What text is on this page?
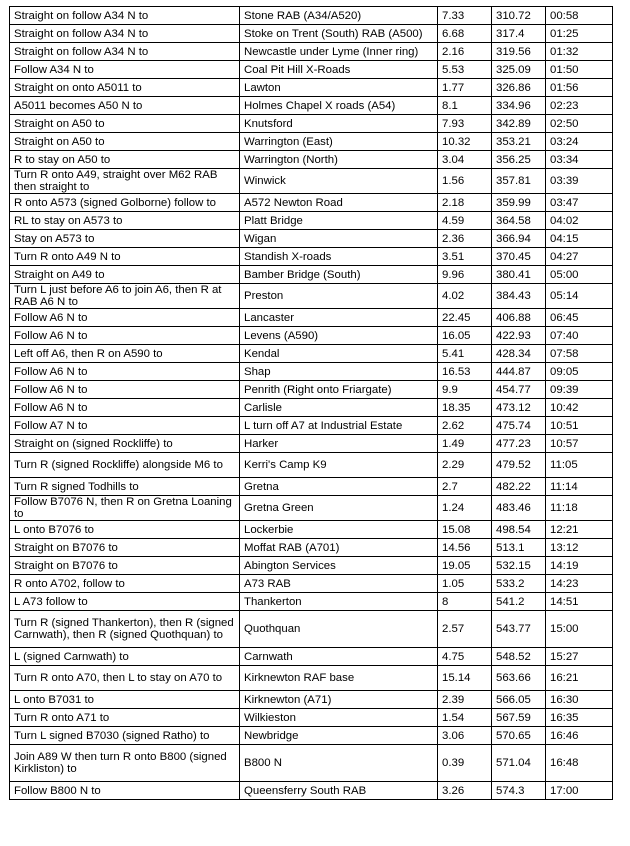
Straight on follow A34 N to	Stone RAB (A34/A520)	7.33	310.72	00:58
Straight on follow A34 N to	Stoke on Trent (South) RAB (A500)	6.68	317.4	01:25
Straight on follow A34 N to	Newcastle under Lyme (Inner ring)	2.16	319.56	01:32
Follow A34 N to	Coal Pit Hill X-Roads	5.53	325.09	01:50
Straight on onto A5011 to	Lawton	1.77	326.86	01:56
A5011 becomes A50 N to	Holmes Chapel X roads (A54)	8.1	334.96	02:23
Straight on A50 to	Knutsford	7.93	342.89	02:50
Straight on A50 to	Warrington (East)	10.32	353.21	03:24
R to stay on A50 to	Warrington (North)	3.04	356.25	03:34
Turn R onto A49, straight over M62 RAB then straight to	Winwick	1.56	357.81	03:39
R onto A573 (signed Golborne) follow to	A572 Newton Road	2.18	359.99	03:47
RL to stay on A573 to	Platt Bridge	4.59	364.58	04:02
Stay on A573 to	Wigan	2.36	366.94	04:15
Turn R onto A49 N to	Standish X-roads	3.51	370.45	04:27
Straight on A49 to	Bamber Bridge (South)	9.96	380.41	05:00
Turn L just before A6 to join A6, then R at RAB A6 N to	Preston	4.02	384.43	05:14
Follow A6 N to	Lancaster	22.45	406.88	06:45
Follow A6 N to	Levens (A590)	16.05	422.93	07:40
Left off A6, then R on A590 to	Kendal	5.41	428.34	07:58
Follow A6 N to	Shap	16.53	444.87	09:05
Follow A6 N to	Penrith (Right onto Friargate)	9.9	454.77	09:39
Follow A6 N to	Carlisle	18.35	473.12	10:42
Follow A7 N to	L turn off A7 at Industrial Estate	2.62	475.74	10:51
Straight on (signed Rockliffe) to	Harker	1.49	477.23	10:57
Turn R (signed Rockliffe) alongside M6 to	Kerri's Camp K9	2.29	479.52	11:05
Turn R signed Todhills to	Gretna	2.7	482.22	11:14
Follow B7076 N, then R on Gretna Loaning to	Gretna Green	1.24	483.46	11:18
L onto B7076 to	Lockerbie	15.08	498.54	12:21
Straight on B7076 to	Moffat RAB (A701)	14.56	513.1	13:12
Straight on B7076 to	Abington Services	19.05	532.15	14:19
R onto A702, follow to	A73 RAB	1.05	533.2	14:23
L A73 follow to	Thankerton	8	541.2	14:51
Turn R (signed Thankerton), then R (signed Carnwath), then R (signed Quothquan) to	Quothquan	2.57	543.77	15:00
L (signed Carnwath) to	Carnwath	4.75	548.52	15:27
Turn R onto A70, then L to stay on A70 to	Kirknewton RAF base	15.14	563.66	16:21
L onto B7031 to	Kirknewton (A71)	2.39	566.05	16:30
Turn R onto A71 to	Wilkieston	1.54	567.59	16:35
Turn L signed B7030 (signed Ratho) to	Newbridge	3.06	570.65	16:46
Join A89 W then turn R onto B800 (signed Kirkliston) to	B800 N	0.39	571.04	16:48
Follow B800 N to	Queensferry South RAB	3.26	574.3	17:00
